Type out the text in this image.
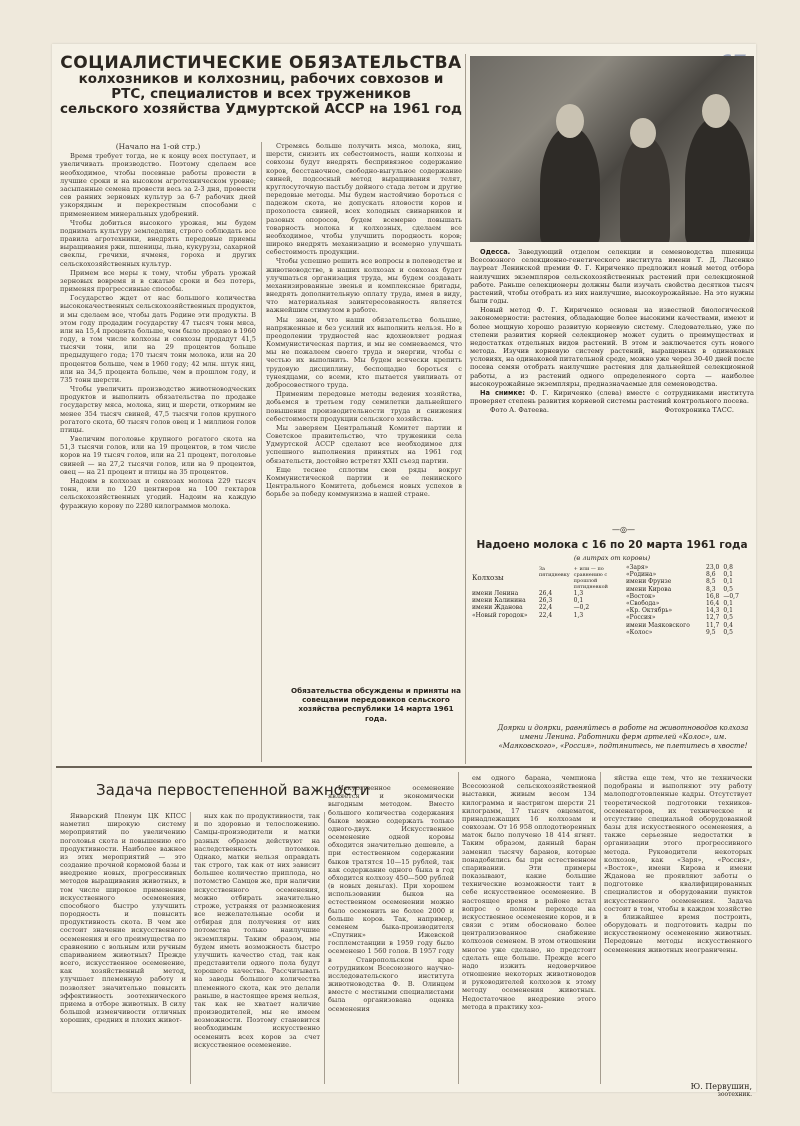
СОЦИАЛИСТИЧЕСКИЕ ОБЯЗАТЕЛЬСТВА
колхозников и колхозниц, рабочих совхозов и
РТС, специалистов и всех тружеников
сельского хозяйства Удмуртской АССР на 1961 год

(Начало на 1-ой стр.)

Время требует тогда, не к концу всех поступает, и увеличивать производство. Поэтому сделаем все необходимое, чтобы посевные работы провести в лучшие сроки и на высоком агротехническом уровне; засыпанные семена провести весь за 2-3 дня, провести сев ранних зерновых культур за 6-7 рабочих дней узкорядным и перекрестным способами с применением минеральных удобрений.

Чтобы добиться высокого урожая, мы будем поднимать культуру земледелия, строго соблюдать все правила агротехники, внедрять передовые приемы выращивания ржи, пшеницы, льна, кукурузы, сахарной свеклы, гречихи, ячменя, гороха и других сельскохозяйственных культур.

Примем все меры к тому, чтобы убрать урожай зерновых вовремя и в сжатые сроки и без потерь, применяя прогрессивные способы.

Государство ждет от нас большого количества высококачественных сельскохозяйственных продуктов, и мы сделаем все, чтобы дать Родине эти продукты. В этом году продадим государству 47 тысяч тонн мяса, или на 15,4 процента больше, чем было продано в 1960 году, в том числе колхозы и совхозы продадут 41,5 тысячи тонн, или на 29 процентов больше предыдущего года; 170 тысяч тонн молока, или на 20 процентов больше, чем в 1960 году; 42 млн. штук яиц, или на 34,5 процента больше, чем в прошлом году, и 735 тонн шерсти.

Чтобы увеличить производство животноводческих продуктов и выполнить обязательства по продаже государству мяса, молока, яиц и шерсти, откормим не менее 354 тысяч свиней, 47,5 тысячи голов крупного рогатого скота, 60 тысяч голов овец и 1 миллион голов птицы.

Увеличим поголовье крупного рогатого скота на 51,3 тысячи голов, или на 19 процентов, в том числе коров на 19 тысяч голов, или на 21 процент, поголовье свиней — на 27,2 тысячи голов, или на 9 процентов, овец — на 21 процент и птицы на 35 процентов.

Надоим в колхозах и совхозах молока 229 тысяч тонн, или по 120 центнеров на 100 гектаров сельскохозяйственных угодий. Надоим на каждую фуражную корову по 2280 килограммов молока.

Стремясь больше получить мяса, молока, яиц, шерсти, снизить их себестоимость, наши колхозы и совхозы будут внедрять беспривязное содержание коров, бесстаночное, свободно-выгульное содержание свиней, подсосный метод выращивания телят, круглосуточную пастьбу дойного стада летом и другие передовые методы. Мы будем настойчиво бороться с падежом скота, не допускать яловости коров и прохолоста свиней, всех холодных свинарников и разовых опоросов, будем всемерно повышать товарность молока и колхозных, сделаем все необходимое, чтобы улучшить породность коров; широко внедрять механизацию и всемерно улучшать себестоимость продукции.

Чтобы успешно решить все вопросы в полеводстве и животноводстве, в наших колхозах и совхозах будет улучшаться организация труда, мы будем создавать механизированные звенья и комплексные бригады, внедрять дополнительную оплату труда, имея в виду, что материальная заинтересованность является важнейшим стимулом в работе.

Мы знаем, что наши обязательства большие, напряженные и без усилий их выполнить нельзя. Но в преодолении трудностей нас вдохновляет родная Коммунистическая партия, и мы не сомневаемся, что мы не пожалеем своего труда и энергии, чтобы с честью их выполнить. Мы будем всячески крепить трудовую дисциплину, беспощадно бороться с тунеядцами, со всеми, кто пытается увиливать от добросовестного труда.

Применим передовые методы ведения хозяйства, добьемся в третьем году семилетки дальнейшего повышения производительности труда и снижения себестоимости продукции сельского хозяйства.

Мы заверяем Центральный Комитет партии и Советское правительство, что труженики села Удмуртской АССР сделают все необходимое для успешного выполнения принятых на 1961 год обязательств, достойно встретят XXII съезд партии.

Еще теснее сплотим свои ряды вокруг Коммунистической партии и ее ленинского Центрального Комитета, добьемся новых успехов в борьбе за победу коммунизма в нашей стране.

Обязательства обсуждены и приняты на совещании передовиков сельского хозяйства республики 14 марта 1961 года.

Одесса. Заведующий отделом селекции и семеноводства пшеницы Всесоюзного селекционно-генетического института имени Т. Д. Лысенко лауреат Ленинской премии Ф. Г. Кириченко предложил новый метод отбора наилучших экземпляров сельскохозяйственных растений при селекционной работе. Раньше селекционеры должны были изучать свойства десятков тысяч растений, чтобы отобрать из них наилучшие, высокоурожайные. На это нужны были годы.

Новый метод Ф. Г. Кириченко основан на известной биологической закономерности: растения, обладающие более высокими качествами, имеют и более мощную хорошо развитую корневую систему. Следовательно, уже по степени развития корней селекционер может судить о преимуществах и недостатках отдельных видов растений. В этом и заключается суть нового метода. Изучив корневую систему растений, выращенных в одинаковых условиях, на одинаковой питательной среде, можно уже через 30-40 дней после посева семян отобрать наилучшие растения для дальнейшей селекционной работы, а из растений одного определенного сорта — наиболее высокоурожайные экземпляры, предназначаемые для семеноводства.

На снимке: Ф. Г. Кириченко (слева) вместе с сотрудниками института проверяет степень развития корневой системы растений контрольного посева.

Фото А. Фатеева.	Фотохроника ТАСС.

—◎—
Надоено молока с 16 по 20 марта 1961 года
(в литрах от коровы)
Колхозы	За пятидневку	+ или — по сравнению с прошлой пятидневкой
имени Ленина	26,4	1,3
имени Калинина	26,3	0,1
имени Жданова	22,4	—0,2
«Новый городок»	22,4	1,3
«Заря»	23,0	0,8
«Родина»	8,6	0,1
имени Фрунзе	8,5	0,1
имени Кирова	8,3	0,5
«Восток»	16,8	—0,7
«Свобода»	16,4	0,1
«Кр. Октябрь»	14,3	0,1
«Россия»	12,7	0,5
имени Маяковского	11,7	0,4
«Колос»	9,5	0,5
Доярки и доярки, равняйтесь в работе на животноводов колхоза имени Ленина. Работники ферм артелей «Колос», им. «Маяковского», «Россия», подтянитесь, не плетитесь в хвосте!
Задача первостепенной важности

Январский Пленум ЦК КПСС наметил широкую систему мероприятий по увеличению поголовья скота и повышению его продуктивности. Наиболее важное из этих мероприятий — это создание прочной кормовой базы и внедрение новых, прогрессивных методов выращивания животных, в том числе широкое применение искусственного осеменения, способного быстро улучшить породность и повысить продуктивность скота. В чем же состоит значение искусственного осеменения и его преимущества по сравнению с вольным или ручным спариванием животных? Прежде всего, искусственное осеменение, как хозяйственный метод, улучшает племенную работу и позволяет значительно повысить эффективность зоотехнического приема в отборе животных. В силу большой изменчивости отличных хороших, средних и плохих живот-

ных как по продуктивности, так и по здоровью и телосложению. Самцы-производители и матки разных образом действуют на наследственность потомков. Однако, матки нельзя оправдать так строго, так как от них зависит большее количество приплода, но потомство Самцов же, при наличии искусственного осеменения, можно отбирать значительно строже, устраняя от размножения все нежелательные особи и отбирая для получения от них потомства только наилучшие экземпляры. Таким образом, мы будем иметь возможность быстро улучшить качество стад, так как представители одного пола будут хорошего качества. Рассчитывать на заводы большого количества племенного скота, как это делали раньше, в настоящее время нельзя, так как не хватает наличие производителей, мы не имеем возможности. Поэтому становится необходимым искусственно осеменить всех коров за счет искусственное осеменение.

Искусственное осеменение является и экономически выгодным методом. Вместо большого количества содержания быков можно содержать только одного-двух. Искусственное осеменение одной коровы обходится значительно дешевле, а при естественном содержании быков тратятся 10—15 рублей, так как содержание одного быка в год обходится колхозу 450—500 рублей (в новых деньгах). При хорошем использовании быков на естественном осеменении можно было осеменить не более 2000 и больше коров. Так, например, семенем быка-производителя «Спутник» Ижевской госплемстанции в 1959 году было осеменено 1 560 голов. В 1957 году в Ставропольском крае сотрудником Всесоюзного научно-исследовательского института животноводства Ф. В. Олинцем вместе с местными специалистами была организована оценка осеменения

ем одного барана, чемпиона Всесоюзной сельскохозяйственной выставки, живым весом 134 килограмма и настригом шерсти 21 килограмм, 17 тысяч овцематок, принадлежащих 16 колхозам и совхозам. От 16 958 оплодотворенных маток было получено 18 414 ягнят. Таким образом, данный баран заменил тысячу баранов, которые понадобились бы при естественном спаривании. Эти примеры показывают, какие большие технические возможности таит в себе искусственное осеменение. В настоящее время в районе встал вопрос о полном переходе на искусственное осеменение коров, и в связи с этим обосновано более централизованное снабжение колхозов семенем. В этом отношении многое уже сделано, но предстоит сделать еще больше. Прежде всего надо изжить недоверчивое отношение некоторых животноводов и руководителей колхозов к этому методу осеменения животных. Недостаточное внедрение этого метода в практику хоз-

яйства еще тем, что не технически подобраны и выполняют эту работу малоподготовленные кадры. Отсутствует теоретической подготовки техников-осеменаторов, их техническое и отсутствие специальной оборудованной базы для искусственного осеменения, а также серьезные недостатки в организации этого прогрессивного метода. Руководители некоторых колхозов, как «Заря», «Россия», «Восток», имени Кирова и имени Жданова не проявляют заботы о подготовке квалифицированных специалистов и оборудовании пунктов искусственного осеменения. Задача состоит в том, чтобы в каждом хозяйстве в ближайшее время построить, оборудовать и подготовить кадры по искусственному осеменению животных. Передовые методы искусственного осеменения животных неограничены.

Ю. Первушин,
зоотехник.
